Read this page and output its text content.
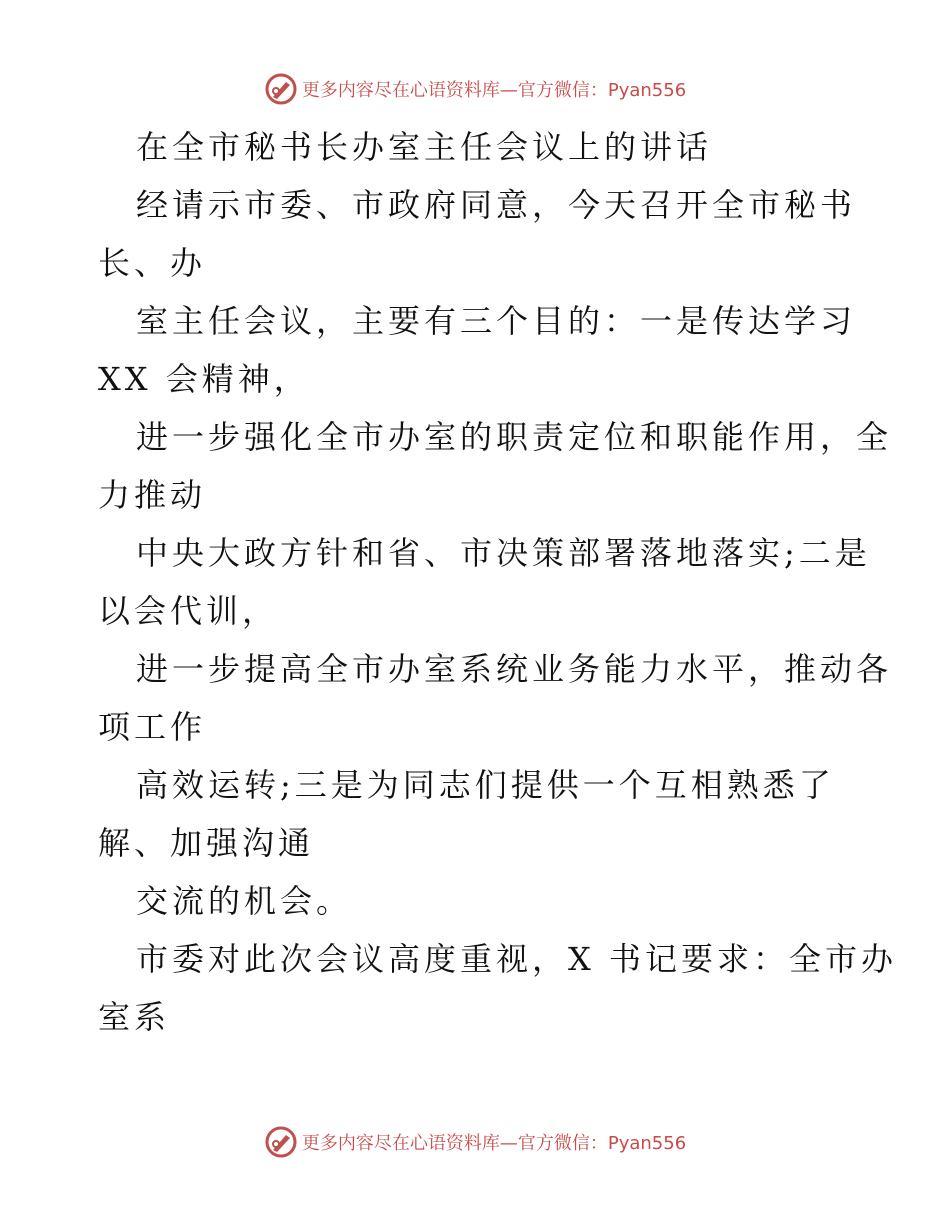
更多内容尽在心语资料库—官方微信：Pyan556
在全市秘书长办室主任会议上的讲话
经请示市委、市政府同意，今天召开全市秘书
长、办
室主任会议，主要有三个目的：一是传达学习
XX 会精神，
进一步强化全市办室的职责定位和职能作用，全
力推动
中央大政方针和省、市决策部署落地落实;二是
以会代训，
进一步提高全市办室系统业务能力水平，推动各
项工作
高效运转;三是为同志们提供一个互相熟悉了
解、加强沟通
交流的机会。
市委对此次会议高度重视，X 书记要求：全市办
室系
更多内容尽在心语资料库—官方微信：Pyan556
